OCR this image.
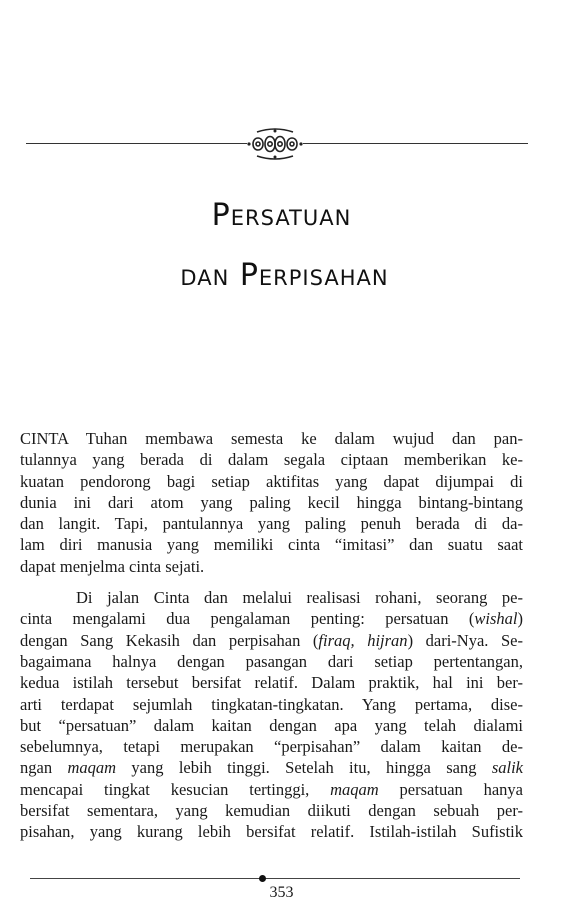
Persatuan
dan Perpisahan

CINTA Tuhan membawa semesta ke dalam wujud dan pan-
tulannya yang berada di dalam segala ciptaan memberikan ke-
kuatan pendorong bagi setiap aktifitas yang dapat dijumpai di
dunia ini dari atom yang paling kecil hingga bintang-bintang
dan langit. Tapi, pantulannya yang paling penuh berada di da-
lam diri manusia yang memiliki cinta “imitasi” dan suatu saat
dapat menjelma cinta sejati.

Di jalan Cinta dan melalui realisasi rohani, seorang pe-
cinta mengalami dua pengalaman penting: persatuan (wishal)
dengan Sang Kekasih dan perpisahan (firaq, hijran) dari-Nya. Se-
bagaimana halnya dengan pasangan dari setiap pertentangan,
kedua istilah tersebut bersifat relatif. Dalam praktik, hal ini ber-
arti terdapat sejumlah tingkatan-tingkatan. Yang pertama, dise-
but “persatuan” dalam kaitan dengan apa yang telah dialami
sebelumnya, tetapi merupakan “perpisahan” dalam kaitan de-
ngan maqam yang lebih tinggi. Setelah itu, hingga sang salik
mencapai tingkat kesucian tertinggi, maqam persatuan hanya
bersifat sementara, yang kemudian diikuti dengan sebuah per-
pisahan, yang kurang lebih bersifat relatif. Istilah-istilah Sufistik

353
